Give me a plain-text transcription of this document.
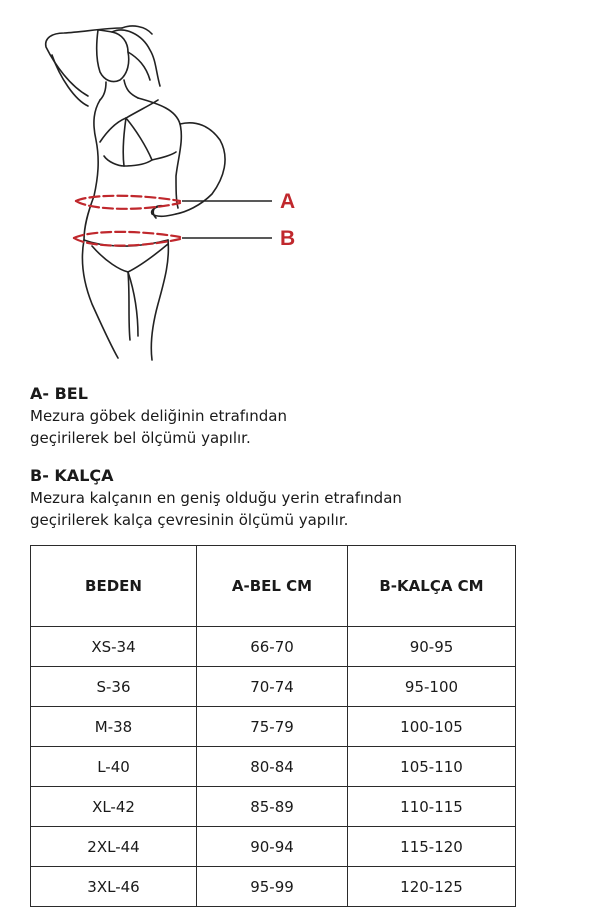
A
B

A- BEL

Mezura göbek deliğinin etrafından

geçirilerek bel ölçümü yapılır.

B- KALÇA

Mezura kalçanın en geniş olduğu yerin etrafından

geçirilerek kalça çevresinin ölçümü yapılır.

BEDEN	A-BEL CM	B-KALÇA CM
XS-34	66-70	90-95
S-36	70-74	95-100
M-38	75-79	100-105
L-40	80-84	105-110
XL-42	85-89	110-115
2XL-44	90-94	115-120
3XL-46	95-99	120-125
